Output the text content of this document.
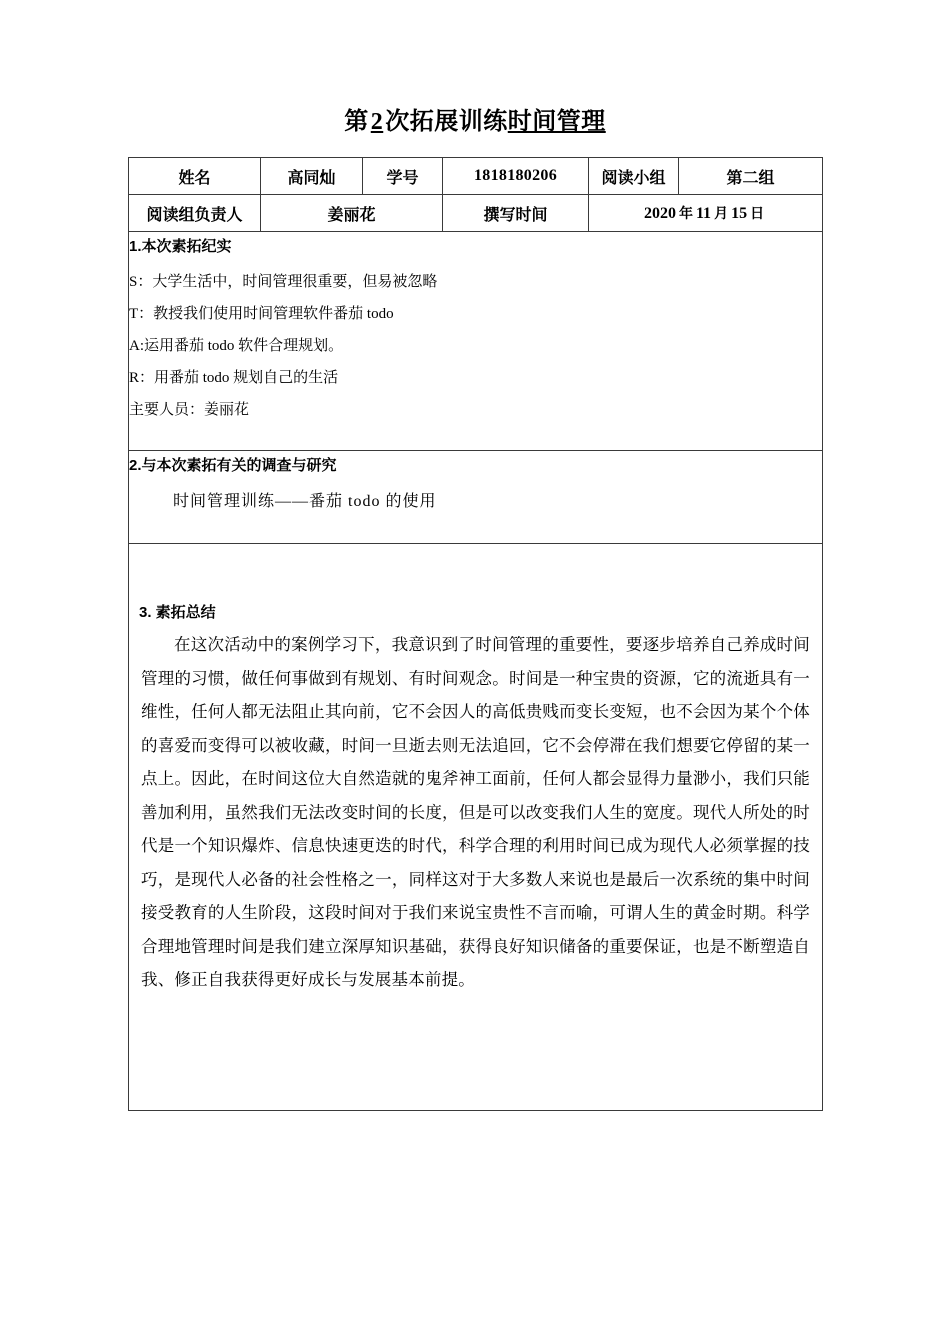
第2次拓展训练时间管理
姓名	高同灿	学号	1818180206	阅读小组	第二组
阅读组负责人	姜丽花		撰写时间	2020 年 11 月 15 日	

1.本次素拓纪实
S：大学生活中，时间管理很重要，但易被忽略
T：教授我们使用时间管理软件番茄 todo
A:运用番茄 todo 软件合理规划。
R：用番茄 todo 规划自己的生活
主要人员：姜丽花

2.与本次素拓有关的调查与研究
时间管理训练——番茄 todo 的使用					

3. 素拓总结
在这次活动中的案例学习下，我意识到了时间管理的重要性，要逐步培养自己养成时间管理的习惯，做任何事做到有规划、有时间观念。时间是一种宝贵的资源，它的流逝具有一维性，任何人都无法阻止其向前，它不会因人的高低贵贱而变长变短，也不会因为某个个体的喜爱而变得可以被收藏，时间一旦逝去则无法追回，它不会停滞在我们想要它停留的某一点上。因此，在时间这位大自然造就的鬼斧神工面前，任何人都会显得力量渺小，我们只能善加利用，虽然我们无法改变时间的长度，但是可以改变我们人生的宽度。现代人所处的时代是一个知识爆炸、信息快速更迭的时代，科学合理的利用时间已成为现代人必须掌握的技巧，是现代人必备的社会性格之一，同样这对于大多数人来说也是最后一次系统的集中时间接受教育的人生阶段，这段时间对于我们来说宝贵性不言而喻，可谓人生的黄金时期。科学合理地管理时间是我们建立深厚知识基础，获得良好知识储备的重要保证，也是不断塑造自我、修正自我获得更好成长与发展基本前提。					
